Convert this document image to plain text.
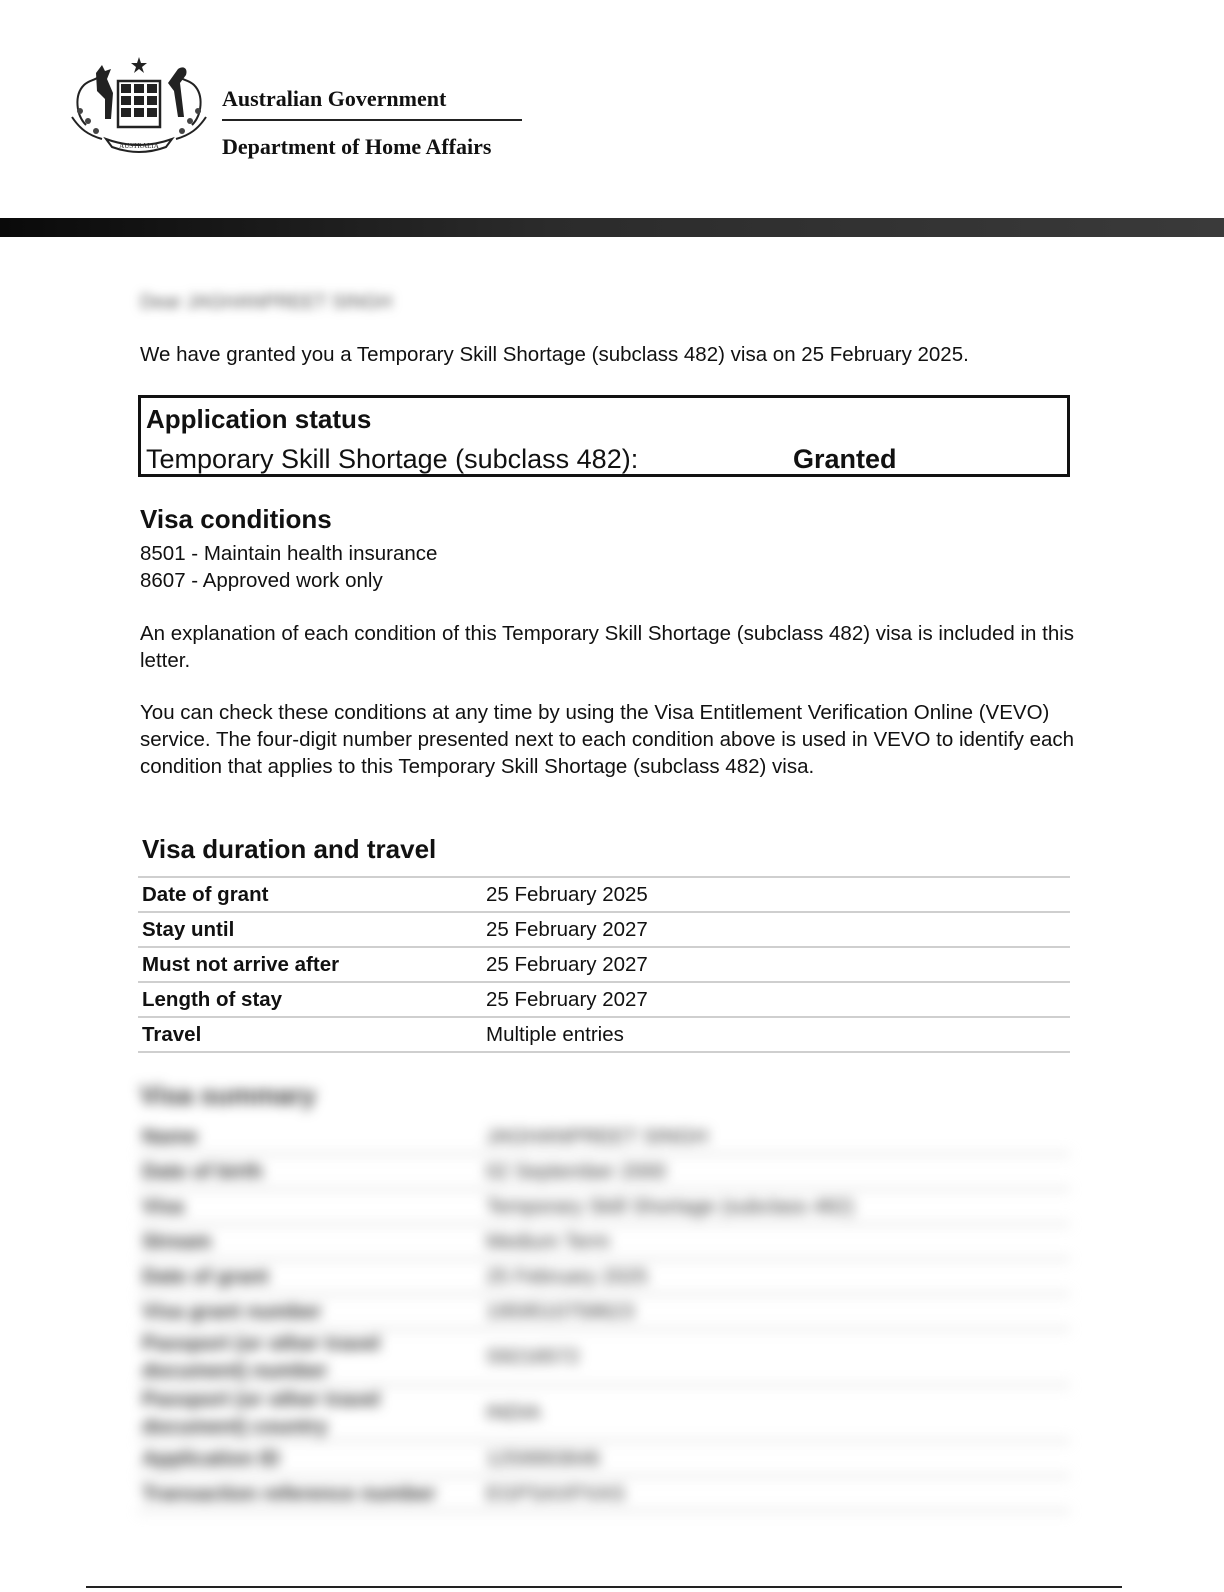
AUSTRALIA
Australian Government
Department of Home Affairs
Dear JAGHANPREET SINGH
We have granted you a Temporary Skill Shortage (subclass 482) visa on 25 February 2025.
Application status
Temporary Skill Shortage (subclass 482):	Granted
Visa conditions
8501 - Maintain health insurance
8607 - Approved work only
An explanation of each condition of this Temporary Skill Shortage (subclass 482) visa is included in this letter.
You can check these conditions at any time by using the Visa Entitlement Verification Online (VEVO) service. The four-digit number presented next to each condition above is used in VEVO to identify each condition that applies to this Temporary Skill Shortage (subclass 482) visa.
Visa duration and travel
Date of grant	25 February 2025
Stay until	25 February 2027
Must not arrive after	25 February 2027
Length of stay	25 February 2027
Travel	Multiple entries
Visa summary
Name	JAGHANPREET SINGH
Date of birth	02 September 2000
Visa	Temporary Skill Shortage (subclass 482)
Stream	Medium Term
Date of grant	25 February 2025
Visa grant number	1959510758623
Passport (or other travel document) number	S9216572
Passport (or other travel document) country	INDIA
Application ID	1259993846
Transaction reference number	EGPSAXPXAS
